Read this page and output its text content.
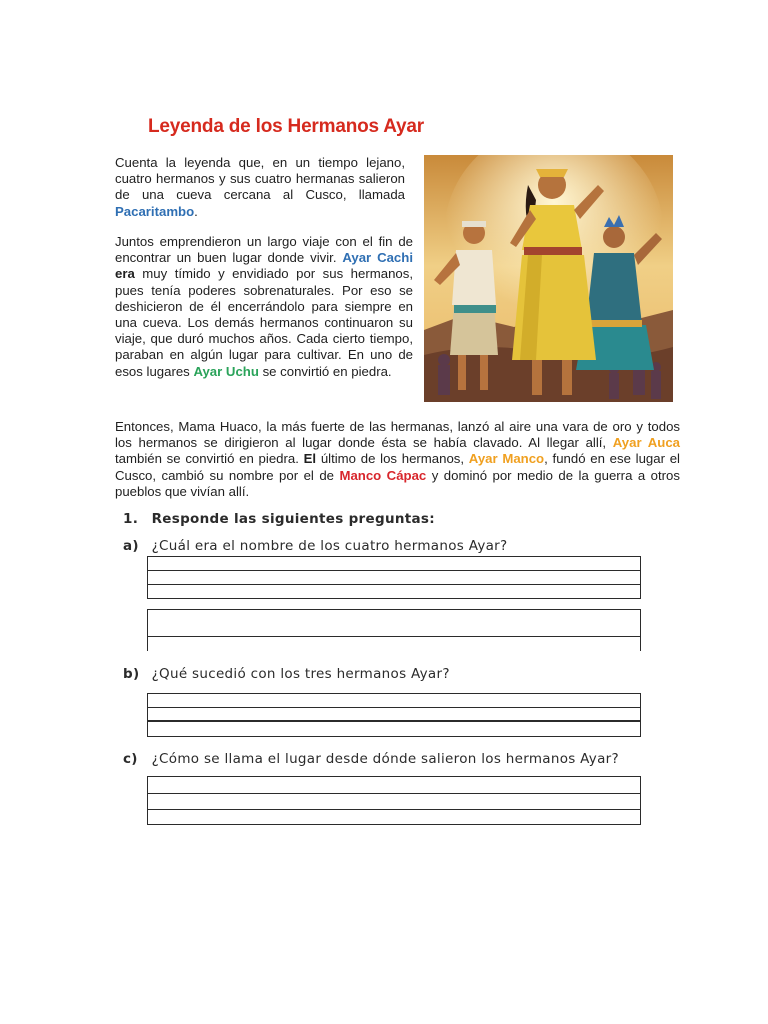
Leyenda de los Hermanos Ayar
Cuenta la leyenda que, en un tiempo lejano, cuatro hermanos y sus cuatro hermanas salieron de una cueva cercana al Cusco, llamada Pacaritambo.
Juntos emprendieron un largo viaje con el fin de encontrar un buen lugar donde vivir. Ayar Cachi era muy tímido y envidiado por sus hermanos, pues tenía poderes sobrenaturales. Por eso se deshicieron de él encerrándolo para siempre en una cueva. Los demás hermanos continuaron su viaje, que duró muchos años. Cada cierto tiempo, paraban en algún lugar para cultivar. En uno de esos lugares Ayar Uchu se convirtió en piedra.
Entonces, Mama Huaco, la más fuerte de las hermanas, lanzó al aire una vara de oro y todos los hermanos se dirigieron al lugar donde ésta se había clavado. Al llegar allí, Ayar Auca también se convirtió en piedra. El último de los hermanos, Ayar Manco, fundó en ese lugar el Cusco, cambió su nombre por el de Manco Cápac y dominó por medio de la guerra a otros pueblos que vivían allí.
1. Responde las siguientes preguntas:
a) ¿Cuál era el nombre de los cuatro hermanos Ayar?
b) ¿Qué sucedió con los tres hermanos Ayar?
c) ¿Cómo se llama el lugar desde dónde salieron los hermanos Ayar?
